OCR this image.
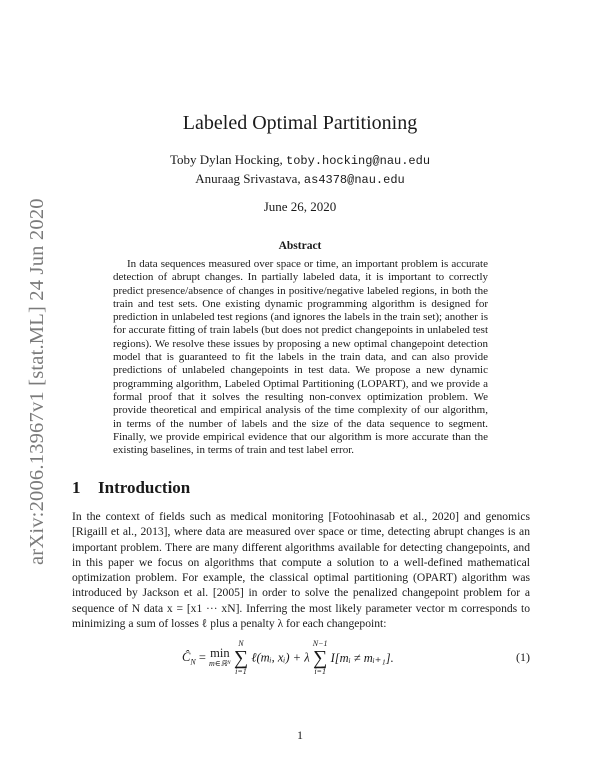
arXiv:2006.13967v1 [stat.ML] 24 Jun 2020
Labeled Optimal Partitioning
Toby Dylan Hocking, toby.hocking@nau.edu
Anuraag Srivastava, as4378@nau.edu
June 26, 2020
Abstract

In data sequences measured over space or time, an important problem is accurate detection of abrupt changes. In partially labeled data, it is important to correctly predict presence/absence of changes in positive/negative labeled regions, in both the train and test sets. One existing dynamic programming algorithm is designed for prediction in unlabeled test regions (and ignores the labels in the train set); another is for accurate fitting of train labels (but does not predict changepoints in unlabeled test regions). We resolve these issues by proposing a new optimal changepoint detection model that is guaranteed to fit the labels in the train data, and can also provide predictions of unlabeled changepoints in test data. We propose a new dynamic programming algorithm, Labeled Optimal Partitioning (LOPART), and we provide a formal proof that it solves the resulting non-convex optimization problem. We provide theoretical and empirical analysis of the time complexity of our algorithm, in terms of the number of labels and the size of the data sequence to segment. Finally, we provide empirical evidence that our algorithm is more accurate than the existing baselines, in terms of train and test label error.

1 Introduction

In the context of fields such as medical monitoring [Fotoohinasab et al., 2020] and genomics [Rigaill et al., 2013], where data are measured over space or time, detecting abrupt changes is an important problem. There are many different algorithms available for detecting changepoints, and in this paper we focus on algorithms that compute a solution to a well-defined mathematical optimization problem. For example, the classical optimal partitioning (OPART) algorithm was introduced by Jackson et al. [2005] in order to solve the penalized changepoint problem for a sequence of N data x = [x1 ··· xN]. Inferring the most likely parameter vector m corresponds to minimizing a sum of losses ℓ plus a penalty λ for each changepoint:

$Ĉ_N = \min$
m∈ℝᴺ

N
∑
i=1
ℓ(mᵢ, xᵢ) + λ
N−1
∑
i=1
I[mᵢ ≠ mᵢ₊₁].	(1)
1
